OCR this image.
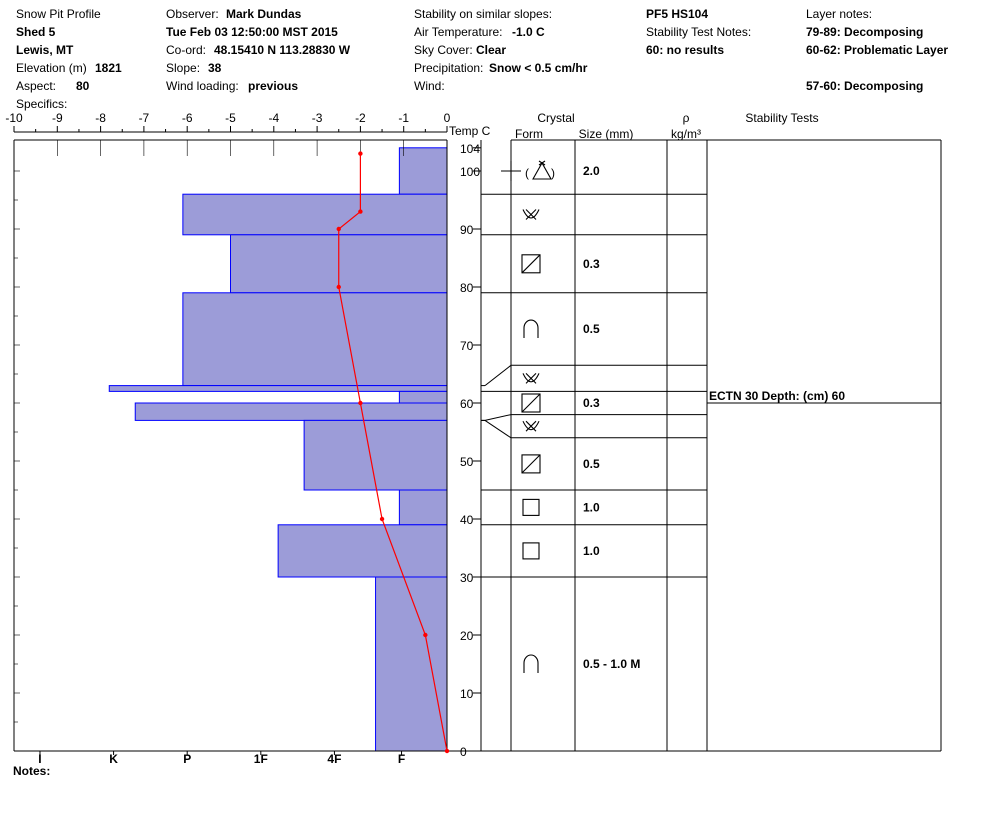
Snow Pit Profile
Shed 5
Lewis, MT
Elevation (m) 1821
Aspect: 80
Specifics:
Observer: Mark Dundas
Tue Feb 03 12:50:00 MST 2015
Co-ord: 48.15410 N 113.28830 W
Slope: 38
Wind loading: previous
Stability on similar slopes:
Air Temperature: -1.0 C
Sky Cover: Clear
Precipitation: Snow < 0.5 cm/hr
Wind:
PF5 HS104
Stability Test Notes:
60: no results
Layer notes:
79-89: Decomposing
60-62: Problematic Layer
57-60: Decomposing
Notes:
-10 -9	-8	-7	-6	-5	-4	-3	-2	-1	0
Temp C
104
100
90
80
70
60
50
40
30
20
10
0
Crystal
Form	Size (mm)
ρ
kg/m³
Stability Tests
ECTN 30 Depth: (cm) 60
( ) 2.0
0.3
0.5
0.3
0.5
1.0
1.0
0.5 - 1.0 M
I	K	P	1F	4F	F
